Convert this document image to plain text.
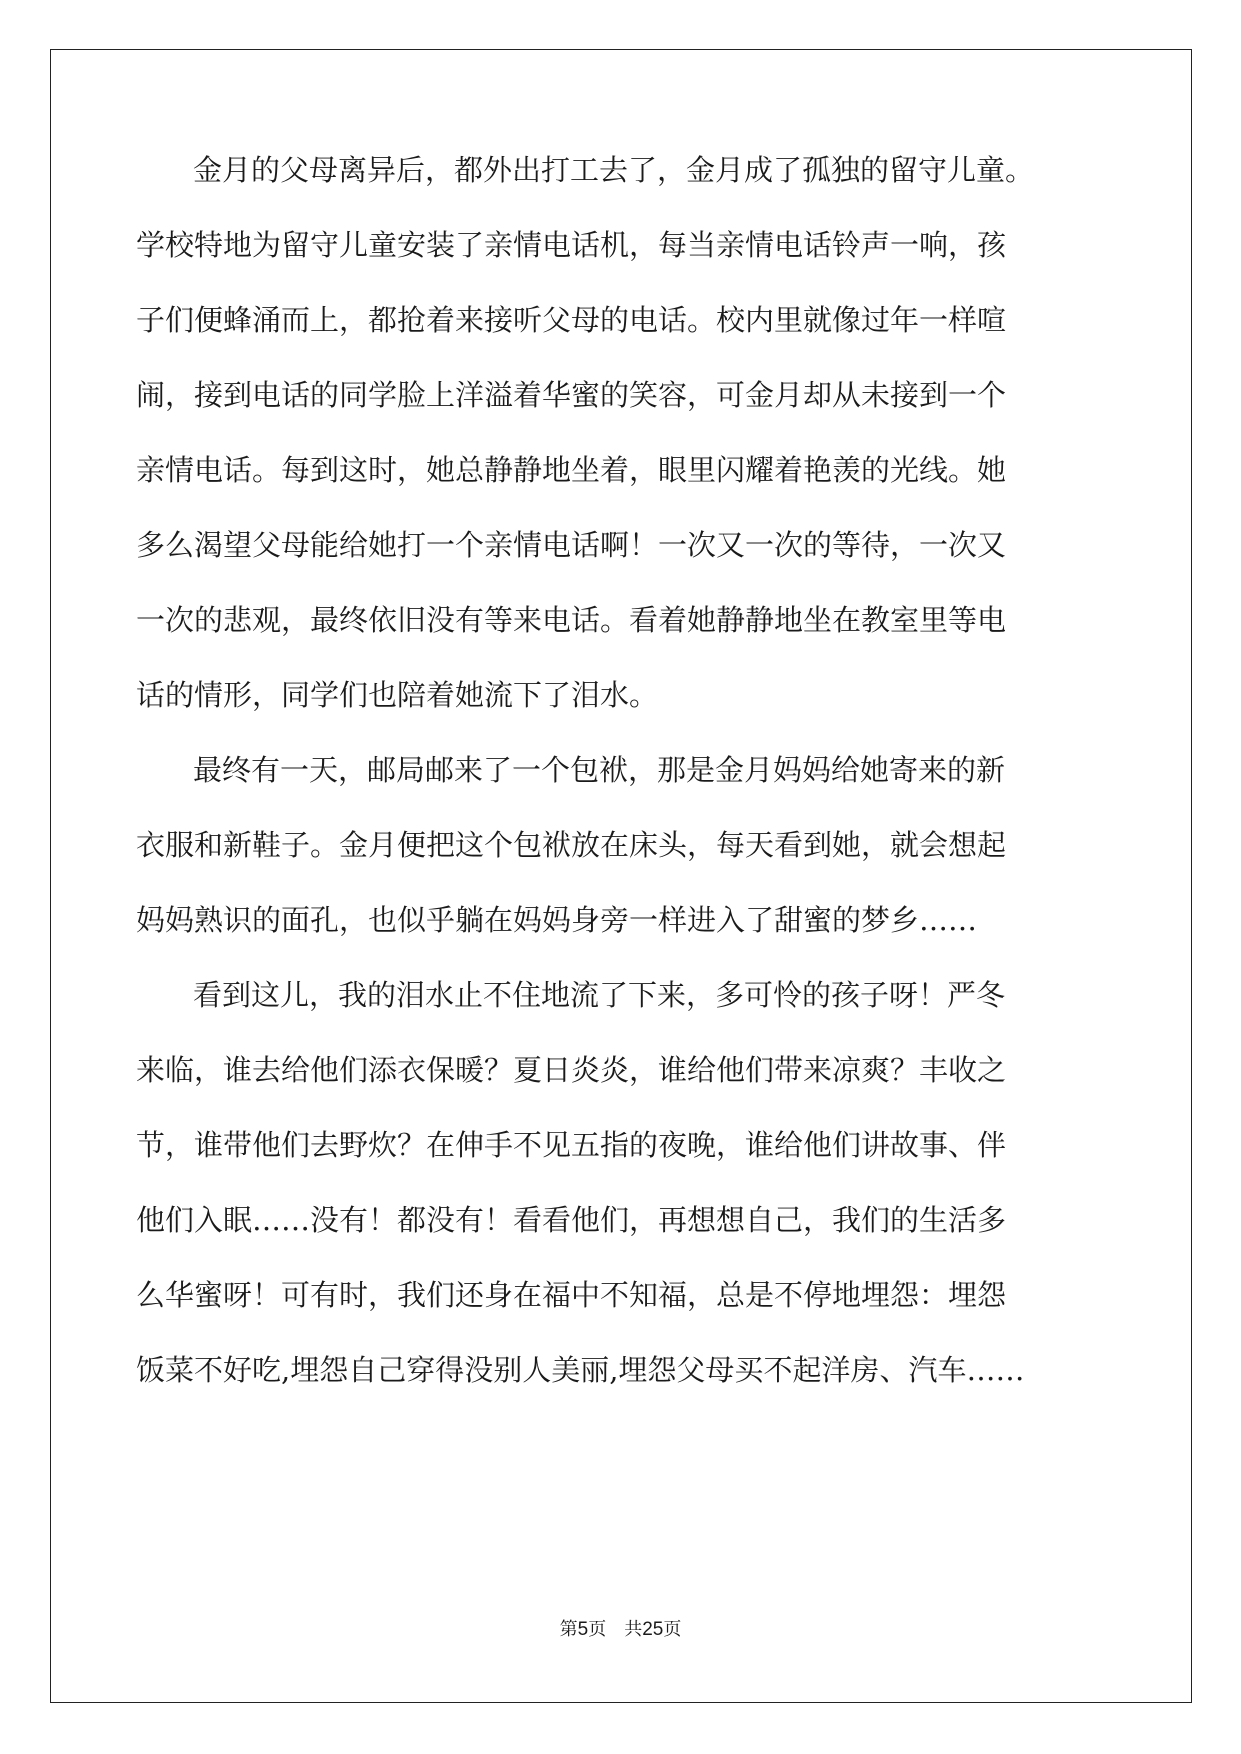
金月的父母离异后，都外出打工去了，金月成了孤独的留守儿童。
学校特地为留守儿童安装了亲情电话机，每当亲情电话铃声一响，孩
子们便蜂涌而上，都抢着来接听父母的电话。校内里就像过年一样喧
闹，接到电话的同学脸上洋溢着华蜜的笑容，可金月却从未接到一个
亲情电话。每到这时，她总静静地坐着，眼里闪耀着艳羡的光线。她
多么渴望父母能给她打一个亲情电话啊！一次又一次的等待，一次又
一次的悲观，最终依旧没有等来电话。看着她静静地坐在教室里等电
话的情形，同学们也陪着她流下了泪水。
最终有一天，邮局邮来了一个包袱，那是金月妈妈给她寄来的新
衣服和新鞋子。金月便把这个包袱放在床头，每天看到她，就会想起
妈妈熟识的面孔，也似乎躺在妈妈身旁一样进入了甜蜜的梦乡……
看到这儿，我的泪水止不住地流了下来，多可怜的孩子呀！严冬
来临，谁去给他们添衣保暖？夏日炎炎，谁给他们带来凉爽？丰收之
节，谁带他们去野炊？在伸手不见五指的夜晚，谁给他们讲故事、伴
他们入眠……没有！都没有！看看他们，再想想自己，我们的生活多
么华蜜呀！可有时，我们还身在福中不知福，总是不停地埋怨：埋怨
饭菜不好吃,埋怨自己穿得没别人美丽,埋怨父母买不起洋房、汽车……
第5页　 共25页
